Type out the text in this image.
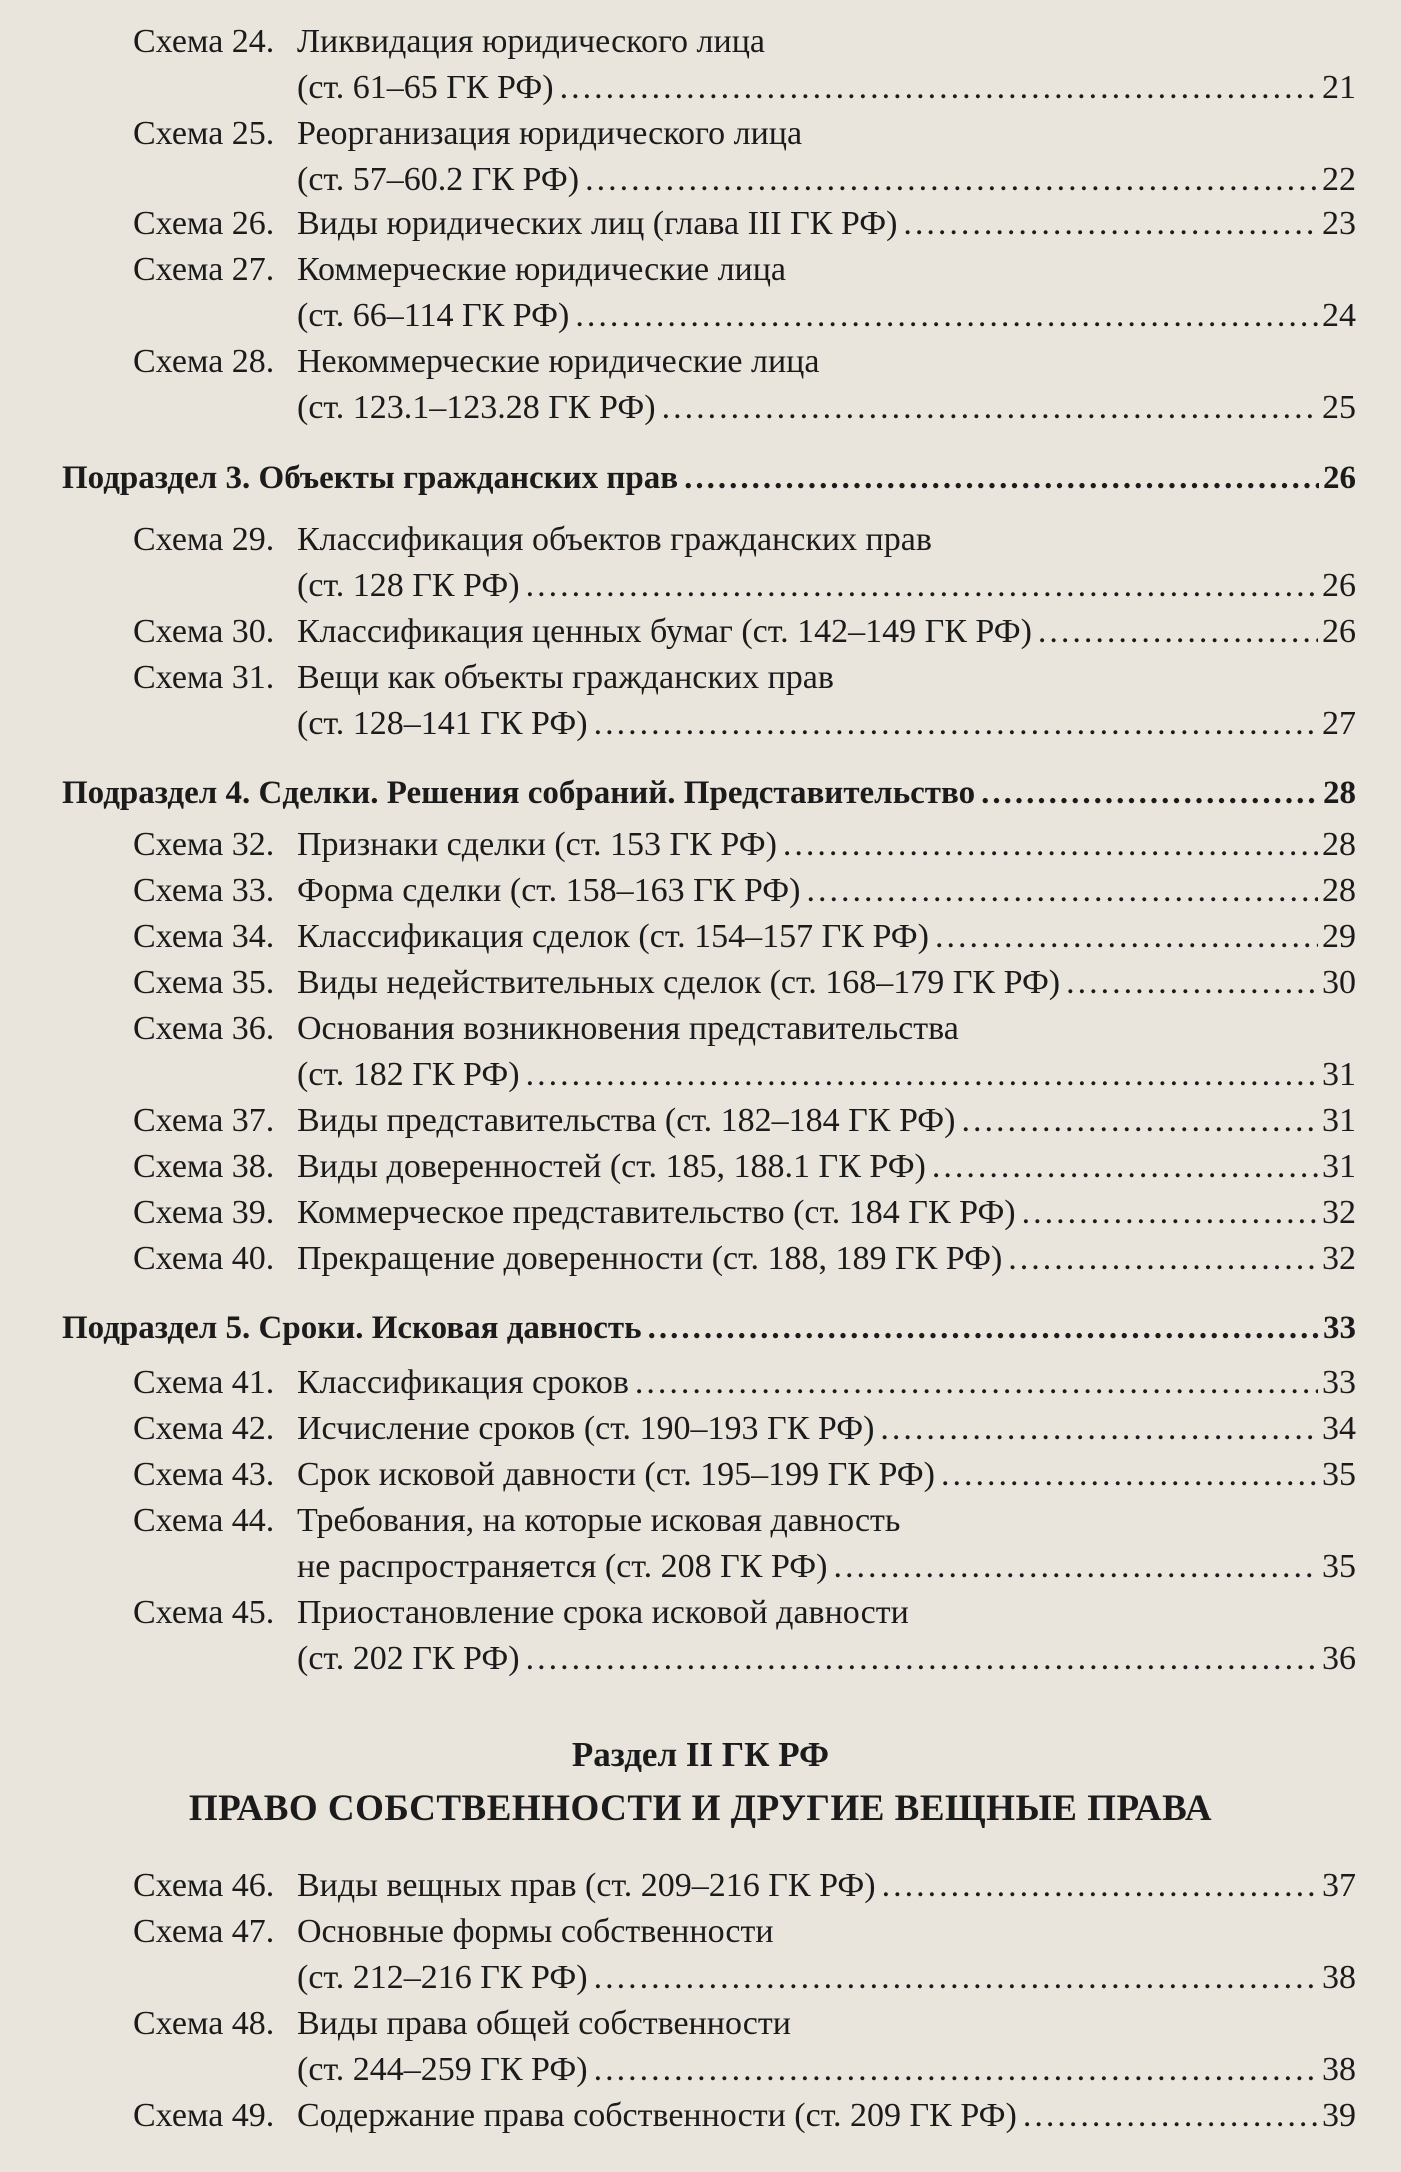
Схема 24. Ликвидация юридического лица
(ст. 61–65 ГК РФ) .....	21
Схема 25. Реорганизация юридического лица
(ст. 57–60.2 ГК РФ) .....	22
Схема 26. Виды юридических лиц (глава III ГК РФ) .....	23
Схема 27. Коммерческие юридические лица
(ст. 66–114 ГК РФ) .....	24
Схема 28. Некоммерческие юридические лица
(ст. 123.1–123.28 ГК РФ) .....	25
Подраздел 3. Объекты гражданских прав .....	26
Схема 29. Классификация объектов гражданских прав
(ст. 128 ГК РФ) .....	26
Схема 30. Классификация ценных бумаг (ст. 142–149 ГК РФ) .....	26
Схема 31. Вещи как объекты гражданских прав
(ст. 128–141 ГК РФ) .....	27
Подраздел 4. Сделки. Решения собраний. Представительство .....	28
Схема 32. Признаки сделки (ст. 153 ГК РФ) .....	28
Схема 33. Форма сделки (ст. 158–163 ГК РФ) .....	28
Схема 34. Классификация сделок (ст. 154–157 ГК РФ) .....	29
Схема 35. Виды недействительных сделок (ст. 168–179 ГК РФ) .....	30
Схема 36. Основания возникновения представительства
(ст. 182 ГК РФ) .....	31
Схема 37. Виды представительства (ст. 182–184 ГК РФ) .....	31
Схема 38. Виды доверенностей (ст. 185, 188.1 ГК РФ) .....	31
Схема 39. Коммерческое представительство (ст. 184 ГК РФ) .....	32
Схема 40. Прекращение доверенности (ст. 188, 189 ГК РФ) .....	32
Подраздел 5. Сроки. Исковая давность .....	33
Схема 41. Классификация сроков .....	33
Схема 42. Исчисление сроков (ст. 190–193 ГК РФ) .....	34
Схема 43. Срок исковой давности (ст. 195–199 ГК РФ) .....	35
Схема 44. Требования, на которые исковая давность
не распространяется (ст. 208 ГК РФ) .....	35
Схема 45. Приостановление срока исковой давности
(ст. 202 ГК РФ) .....	36
Схема 46. Виды вещных прав (ст. 209–216 ГК РФ) .....	37
Схема 47. Основные формы собственности
(ст. 212–216 ГК РФ) .....	38
Схема 48. Виды права общей собственности
(ст. 244–259 ГК РФ) .....	38
Схема 49. Содержание права собственности (ст. 209 ГК РФ) .....	39
Раздел II ГК РФ
ПРАВО СОБСТВЕННОСТИ И ДРУГИЕ ВЕЩНЫЕ ПРАВА
